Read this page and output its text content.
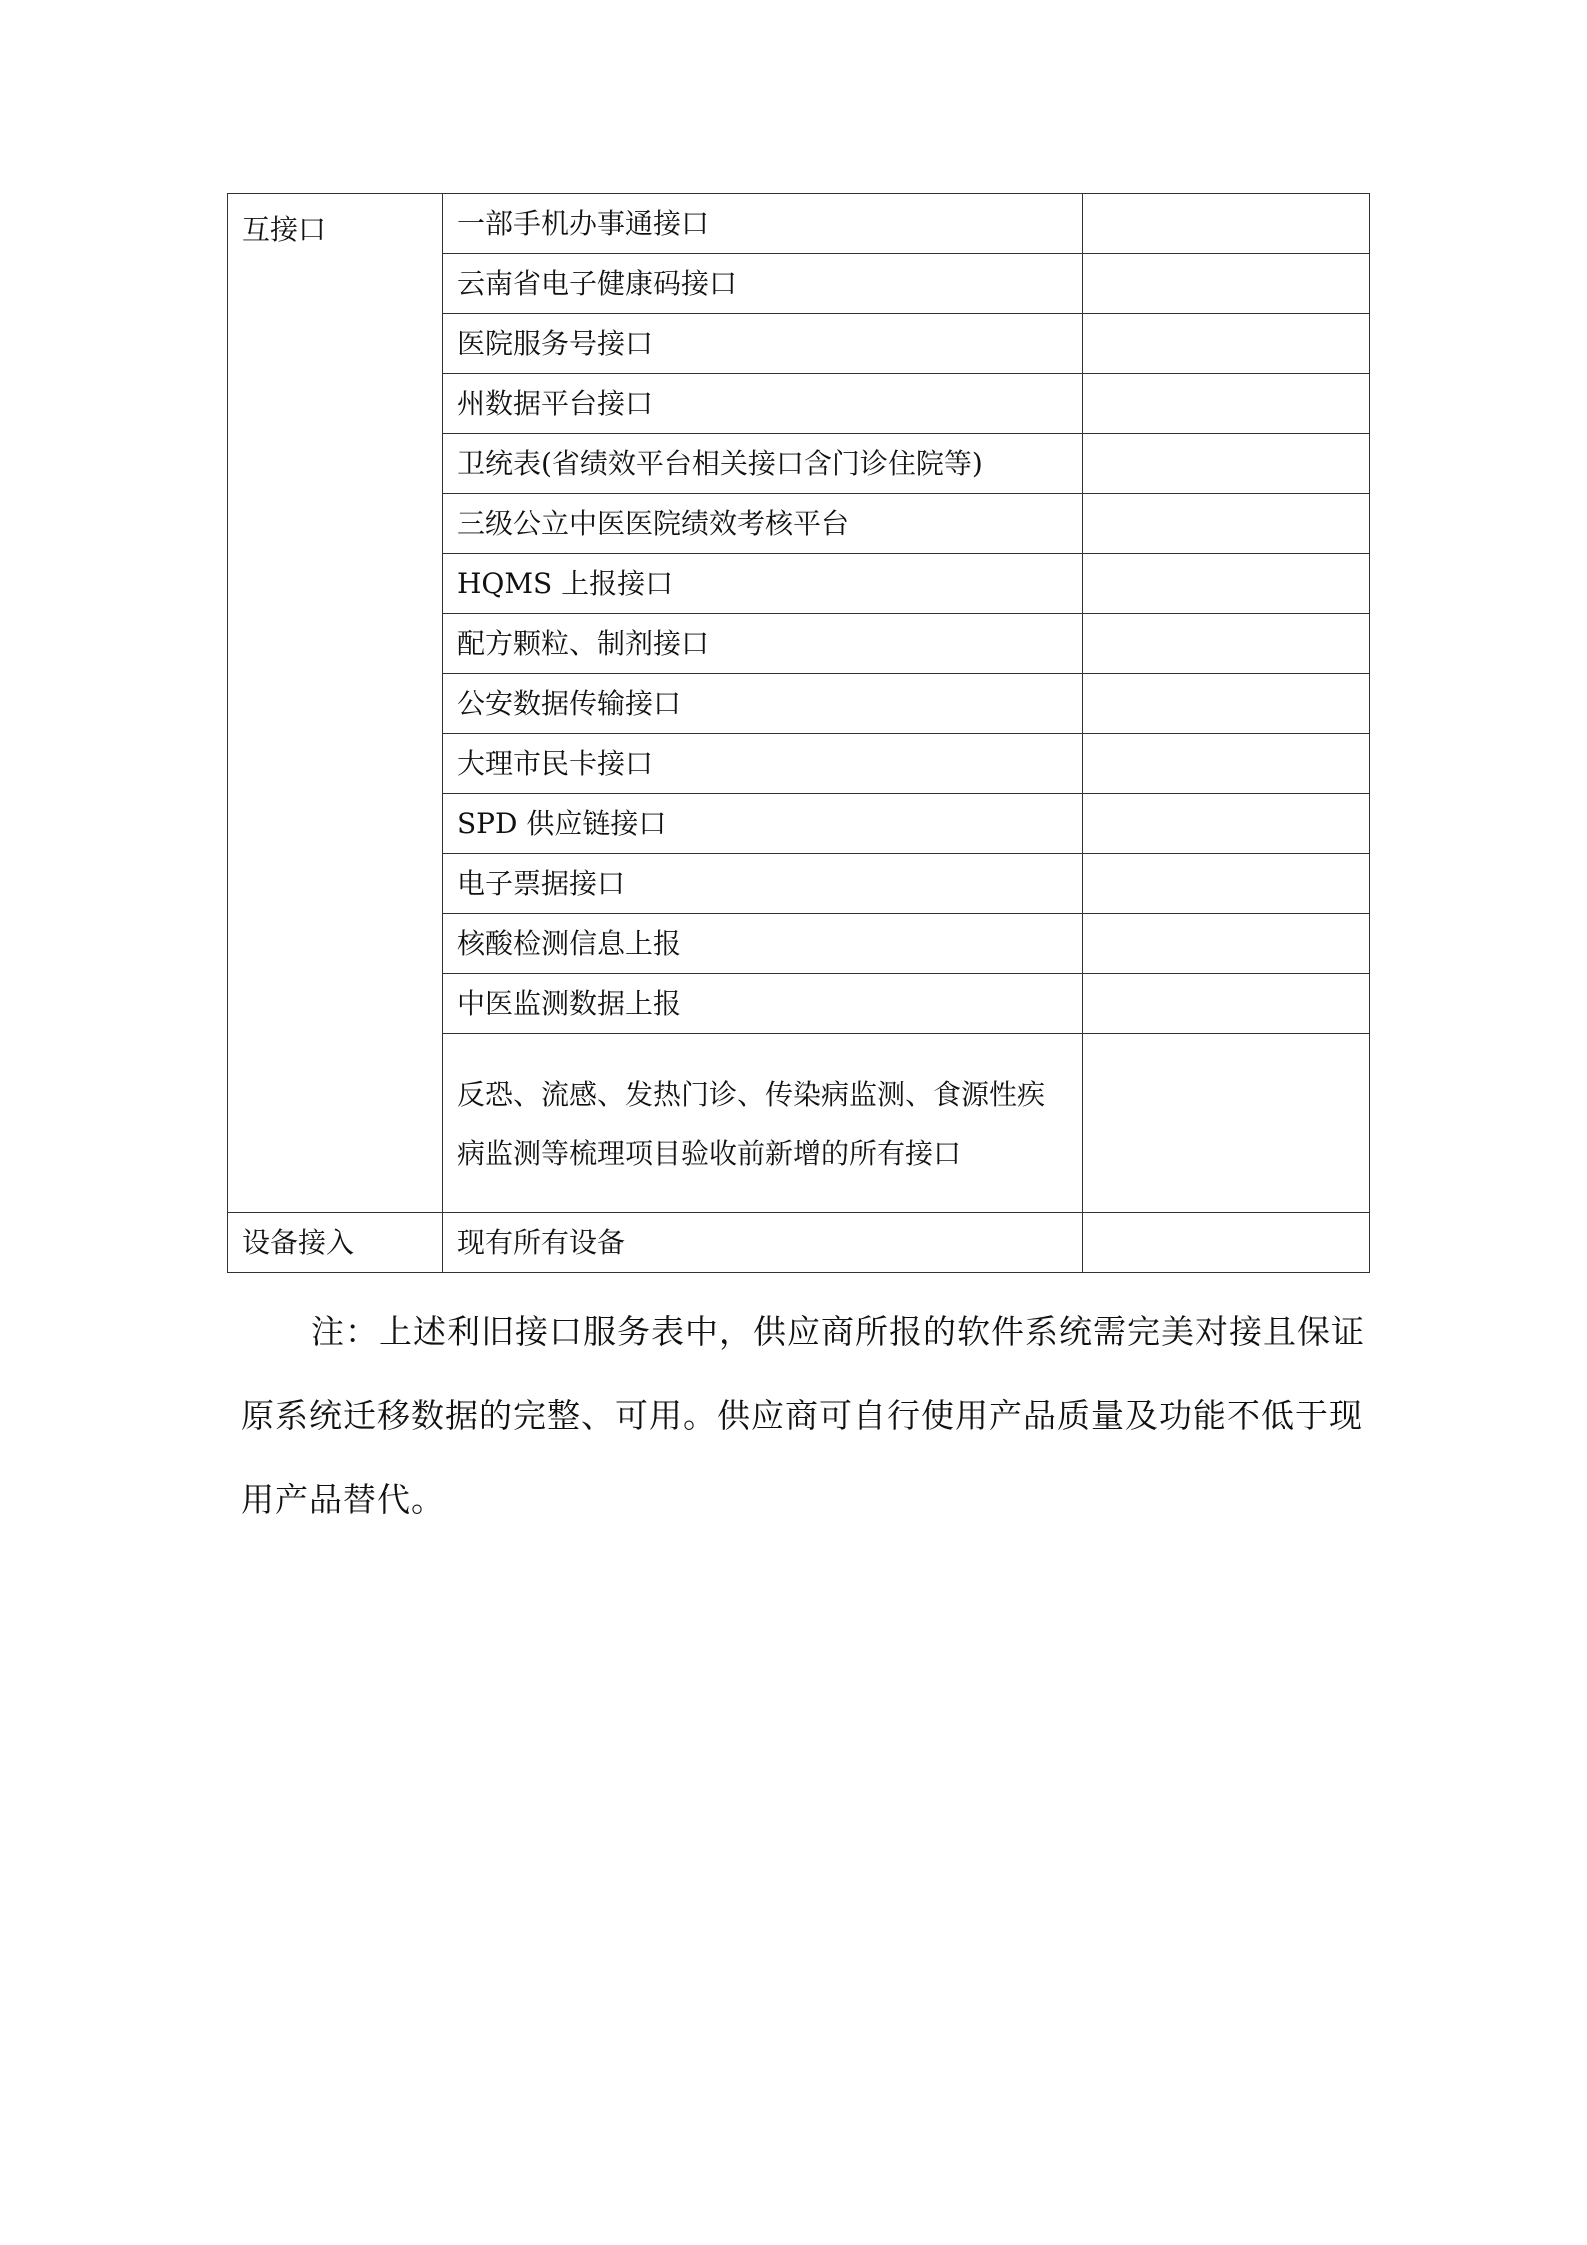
互接口	一部手机办事通接口	
	云南省电子健康码接口	
	医院服务号接口	
	州数据平台接口	
	卫统表(省绩效平台相关接口含门诊住院等)	
	三级公立中医医院绩效考核平台	
	HQMS 上报接口	
	配方颗粒、制剂接口	
	公安数据传输接口	
	大理市民卡接口	
	SPD 供应链接口	
	电子票据接口	
	核酸检测信息上报	
	中医监测数据上报	
	反恐、流感、发热门诊、传染病监测、食源性疾病监测等梳理项目验收前新增的所有接口	
设备接入	现有所有设备	

注：上述利旧接口服务表中，供应商所报的软件系统需完美对接且保证原系统迁移数据的完整、可用。供应商可自行使用产品质量及功能不低于现用产品替代。
